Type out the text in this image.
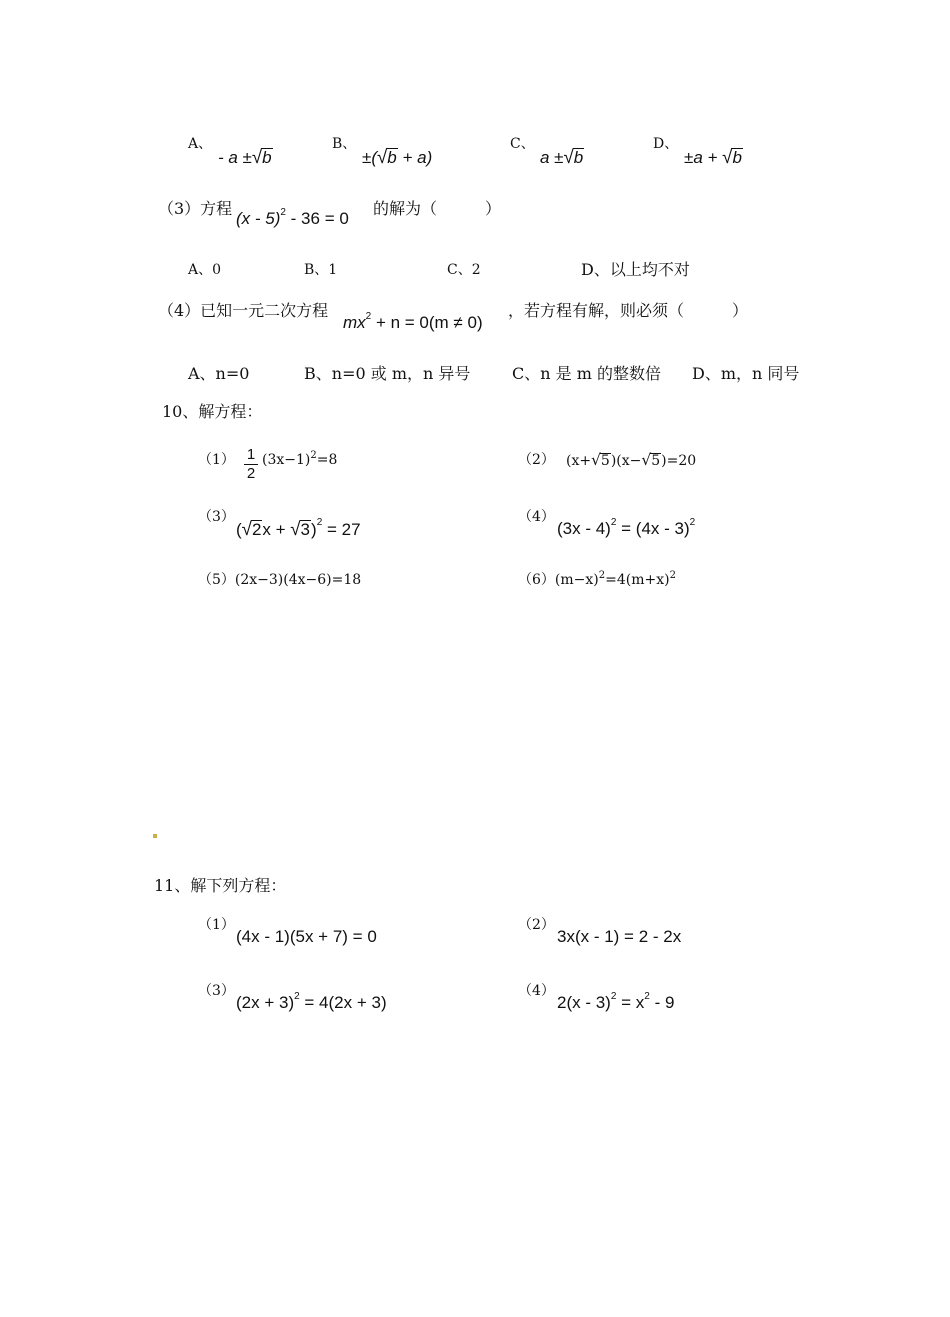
A、
- a ±√b
B、
±(√b + a)
C、
a ±√b
D、
±a + √b
（3）方程
(x - 5)$^2$ - 36 = 0
的解为（　　　）
A、0	B、1	C、2	D、以上均不对
（4）已知一元二次方程
$mx^2 + n = 0(m \ne 0)$
，若方程有解，则必须（　　　）
A、n=0	B、n=0 或 m，n 异号	C、n 是 m 的整数倍 D、m，n 同号
10、解方程：
$(1) \frac{1}{2} (3x-1)^2=8$	（2） (x+√5)(x−√5)=20
（3）
$(√2x + √3)^2 = 27$
（4）
(3x - 4)$^2$ = (4x - 3)$^2$
（5）(2x−3)(4x−6)=18	$(6)(m-x)^2=4(m+x)^2$
11、解下列方程：
（1）
(4x - 1)(5x + 7) = 0
（2）
3x(x - 1) = 2 - 2x
（3）
$(2x + 3)^2 = 4(2x + 3)$
（4）
$2(x - 3)^2 = x^2 - 9$
